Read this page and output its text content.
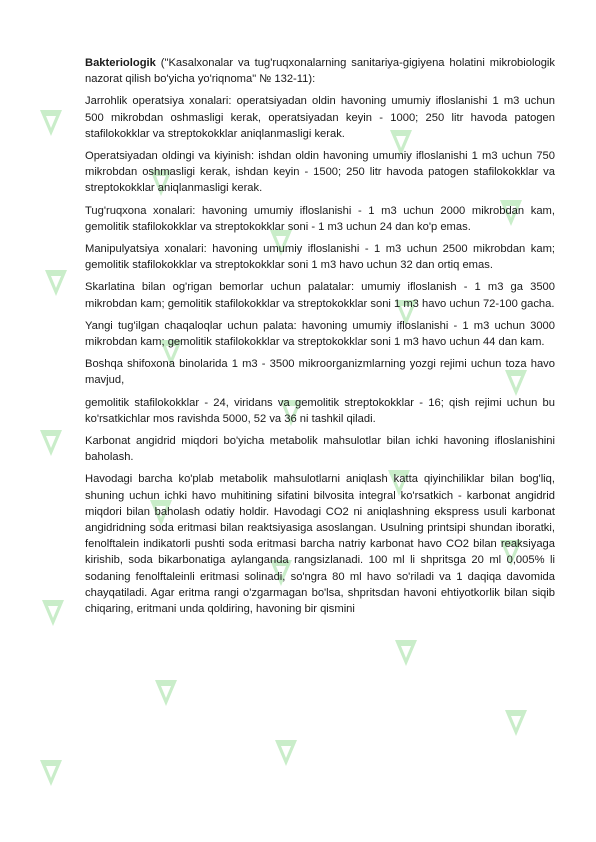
Bakteriologik ("Kasalxonalar va tug'ruqxonalarning sanitariya-gigiyena holatini mikrobiologik nazorat qilish bo'yicha yo'riqnoma" № 132-11):

Jarrohlik operatsiya xonalari: operatsiyadan oldin havoning umumiy ifloslanishi 1 m3 uchun 500 mikrobdan oshmasligi kerak, operatsiyadan keyin - 1000; 250 litr havoda patogen stafilokokklar va streptokokklar aniqlanmasligi kerak.

Operatsiyadan oldingi va kiyinish: ishdan oldin havoning umumiy ifloslanishi 1 m3 uchun 750 mikrobdan oshmasligi kerak, ishdan keyin - 1500; 250 litr havoda patogen stafilokokklar va streptokokklar aniqlanmasligi kerak.

Tug'ruqxona xonalari: havoning umumiy ifloslanishi - 1 m3 uchun 2000 mikrobdan kam, gemolitik stafilokokklar va streptokokklar soni - 1 m3 uchun 24 dan ko'p emas.

Manipulyatsiya xonalari: havoning umumiy ifloslanishi - 1 m3 uchun 2500 mikrobdan kam; gemolitik stafilokokklar va streptokokklar soni 1 m3 havo uchun 32 dan ortiq emas.

Skarlatina bilan og'rigan bemorlar uchun palatalar: umumiy ifloslanish - 1 m3 ga 3500 mikrobdan kam; gemolitik stafilokokklar va streptokokklar soni 1 m3 havo uchun 72-100 gacha.

Yangi tug'ilgan chaqaloqlar uchun palata: havoning umumiy ifloslanishi - 1 m3 uchun 3000 mikrobdan kam; gemolitik stafilokokklar va streptokokklar soni 1 m3 havo uchun 44 dan kam.

Boshqa shifoxona binolarida 1 m3 - 3500 mikroorganizmlarning yozgi rejimi uchun toza havo mavjud,

gemolitik stafilokokklar - 24, viridans va gemolitik streptokokklar - 16; qish rejimi uchun bu ko'rsatkichlar mos ravishda 5000, 52 va 36 ni tashkil qiladi.

Karbonat angidrid miqdori bo'yicha metabolik mahsulotlar bilan ichki havoning ifloslanishini baholash.

Havodagi barcha ko'plab metabolik mahsulotlarni aniqlash katta qiyinchiliklar bilan bog'liq, shuning uchun ichki havo muhitining sifatini bilvosita integral ko'rsatkich - karbonat angidrid miqdori bilan baholash odatiy holdir. Havodagi CO2 ni aniqlashning ekspress usuli karbonat angidridning soda eritmasi bilan reaktsiyasiga asoslangan. Usulning printsipi shundan iboratki, fenolftalein indikatorli pushti soda eritmasi barcha natriy karbonat havo CO2 bilan reaksiyaga kirishib, soda bikarbonatiga aylanganda rangsizlanadi. 100 ml li shpritsga 20 ml 0,005% li sodaning fenolftaleinli eritmasi solinadi, so'ngra 80 ml havo so'riladi va 1 daqiqa davomida chayqatiladi. Agar eritma rangi o'zgarmagan bo'lsa, shpritsdan havoni ehtiyotkorlik bilan siqib chiqaring, eritmani unda qoldiring, havoning bir qismini
